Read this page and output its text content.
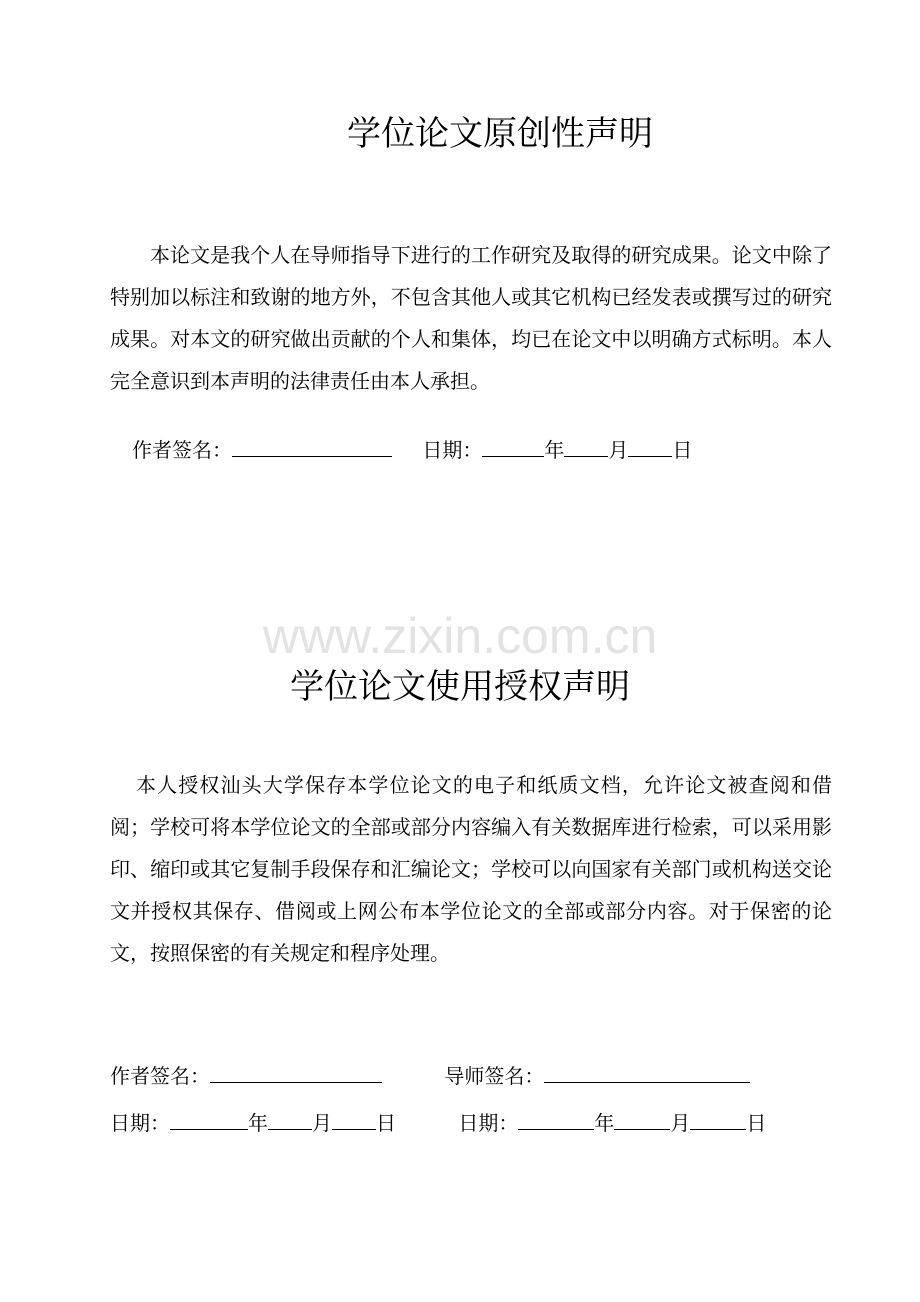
学位论文原创性声明

本论文是我个人在导师指导下进行的工作研究及取得的研究成果。论文中除了特别加以标注和致谢的地方外，不包含其他人或其它机构已经发表或撰写过的研究成果。对本文的研究做出贡献的个人和集体，均已在论文中以明确方式标明。本人完全意识到本声明的法律责任由本人承担。

作者签名：	日期：	年 月 日
www.zixin.com.cn
学位论文使用授权声明

本人授权汕头大学保存本学位论文的电子和纸质文档，允许论文被查阅和借阅；学校可将本学位论文的全部或部分内容编入有关数据库进行检索，可以采用影印、缩印或其它复制手段保存和汇编论文；学校可以向国家有关部门或机构送交论文并授权其保存、借阅或上网公布本学位论文的全部或部分内容。对于保密的论文，按照保密的有关规定和程序处理。

作者签名：	导师签名：
日期：	年 月 日	日期：	年	月	日
